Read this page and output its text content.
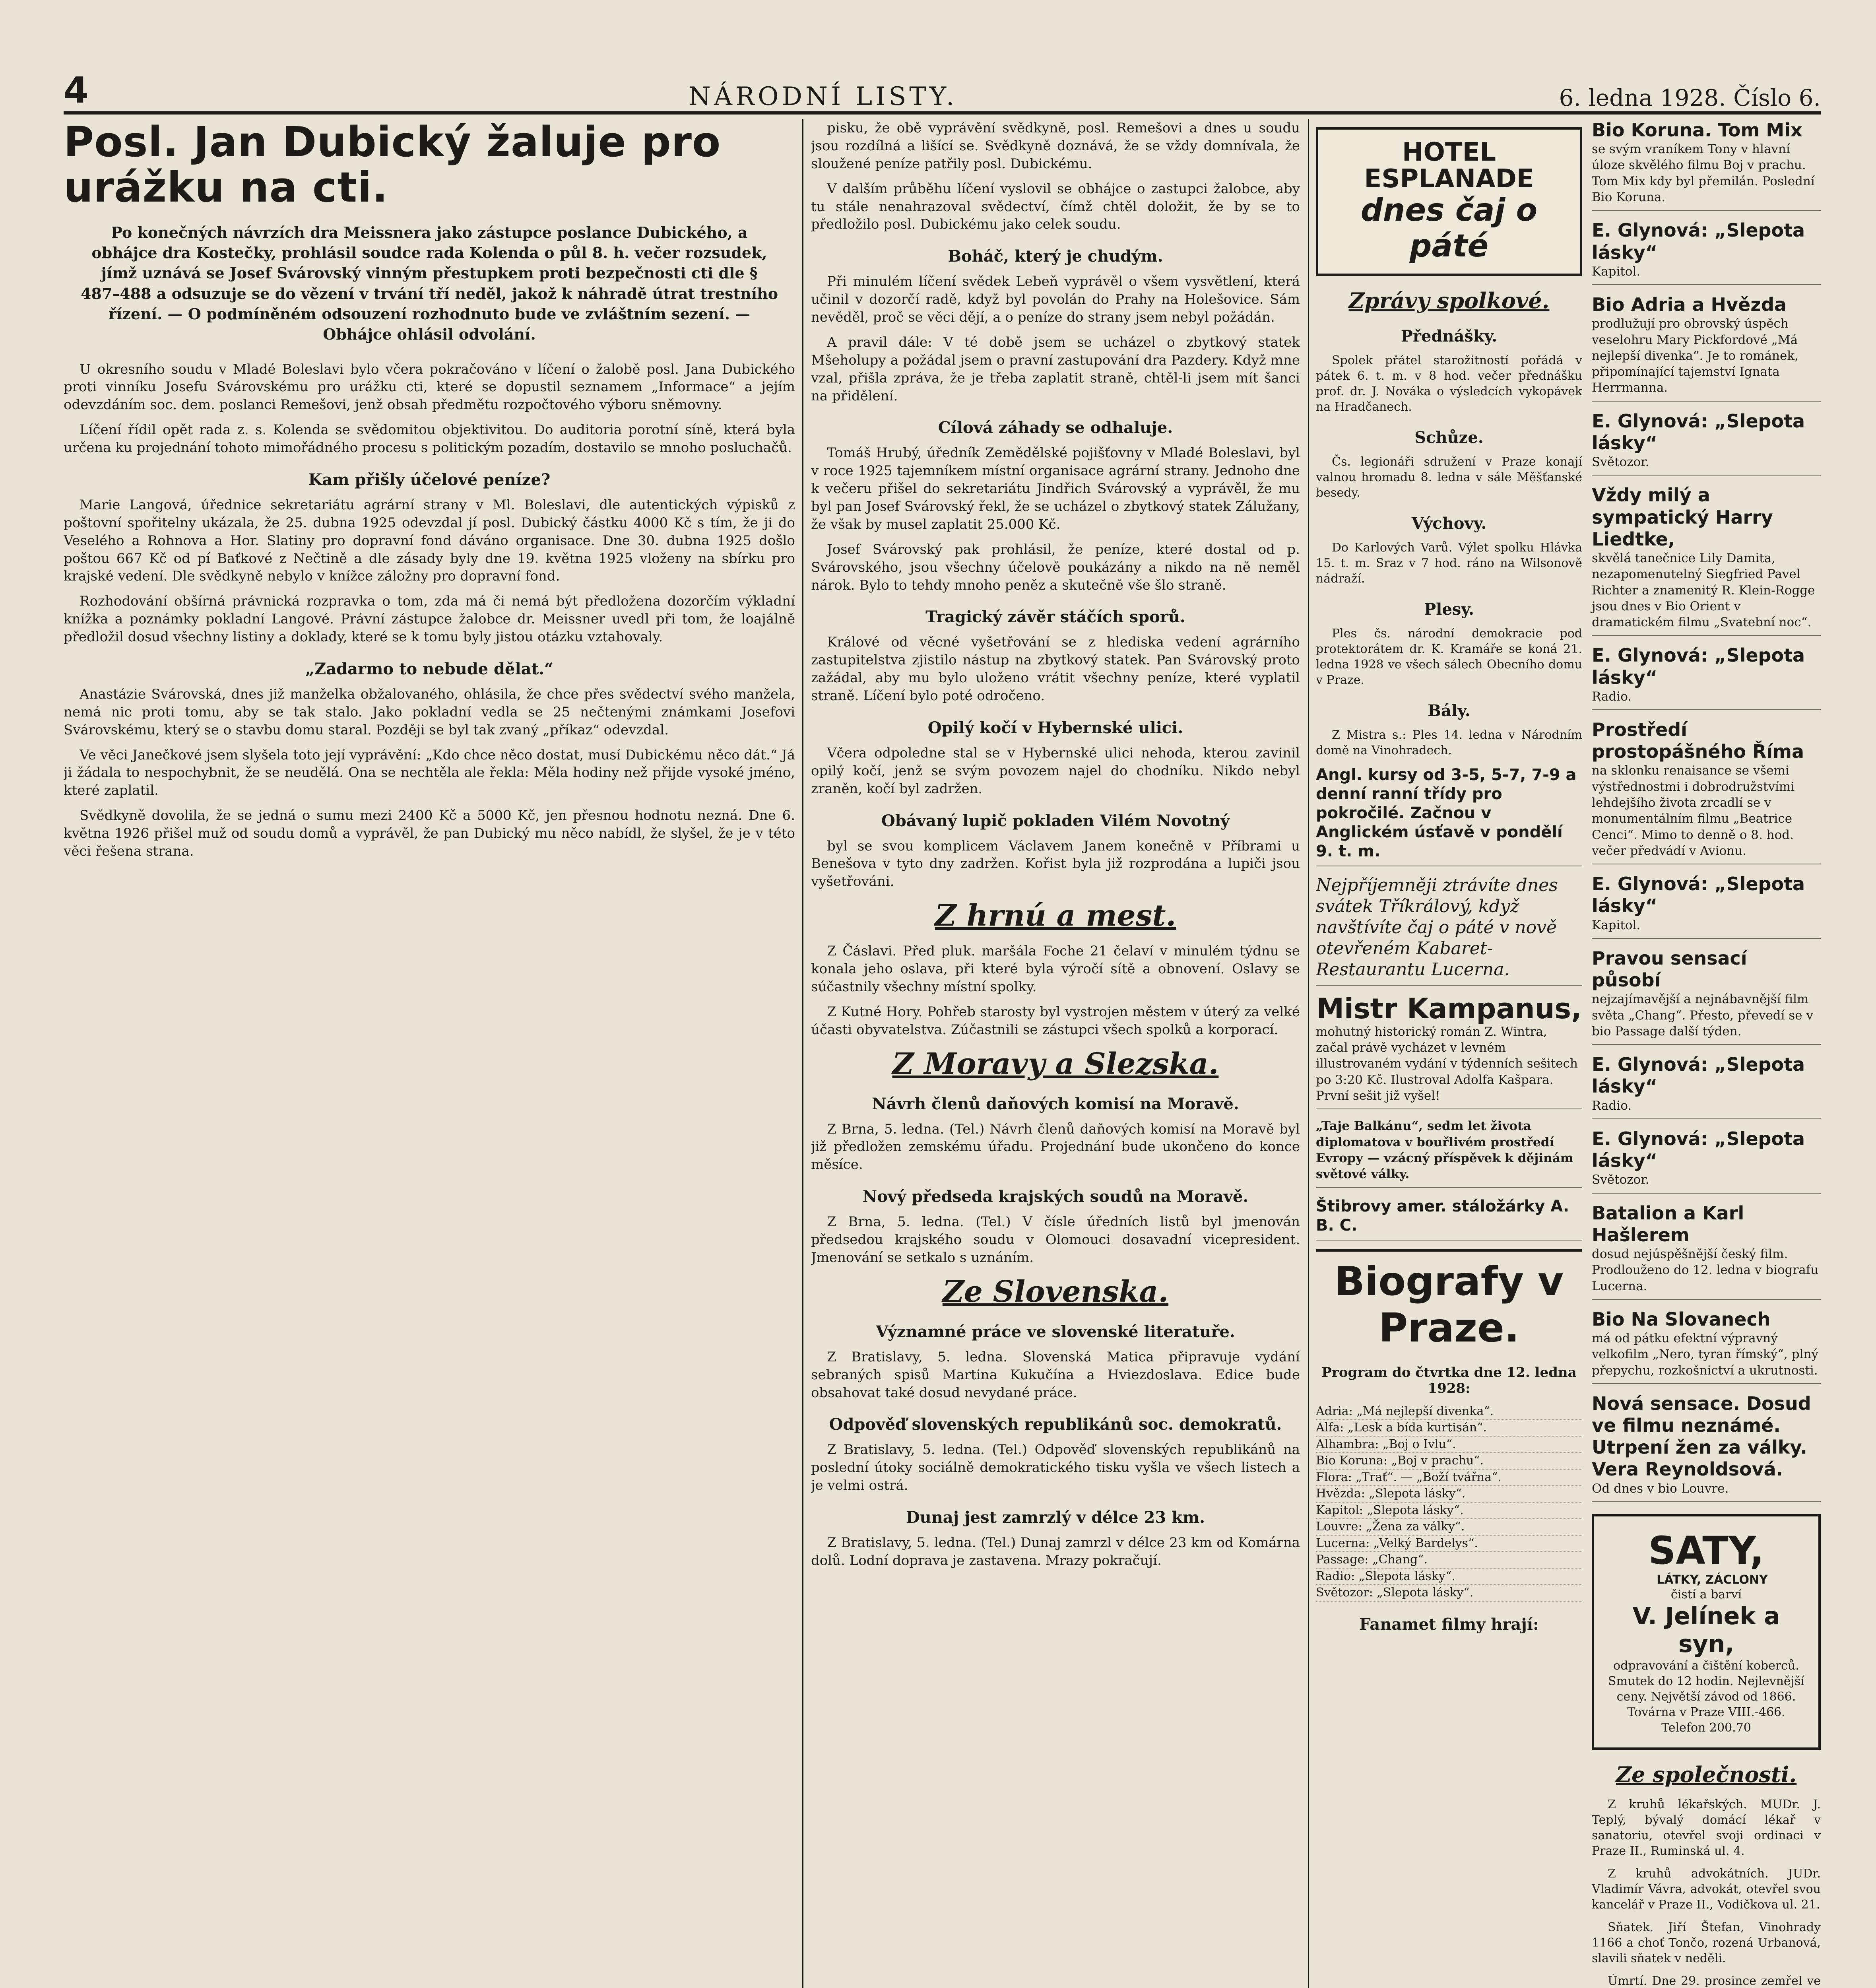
4	NÁRODNÍ LISTY.	6. ledna 1928. Číslo 6.
Posl. Jan Dubický žaluje pro urážku na cti.

Po konečných návrzích dra Meissnera jako zástupce poslance Dubického, a obhájce dra Kostečky, prohlásil soudce rada Kolenda o půl 8. h. večer rozsudek, jímž uznává se Josef Svárovský vinným přestupkem proti bezpečnosti cti dle § 487–488 a odsuzuje se do vězení v trvání tří neděl, jakož k náhradě útrat trestního řízení. — O podmíněném odsouzení rozhodnuto bude ve zvláštním sezení. — Obhájce ohlásil odvolání.

U okresního soudu v Mladé Boleslavi bylo včera pokračováno v líčení o žalobě posl. Jana Dubického proti vinníku Josefu Svárovskému pro urážku cti, které se dopustil seznamem „Informace“ a jejím odevzdáním soc. dem. poslanci Remešovi, jenž obsah předmětu rozpočtového výboru sněmovny.

Líčení řídil opět rada z. s. Kolenda se svědomitou objektivitou. Do auditoria porotní síně, která byla určena ku projednání tohoto mimořádného procesu s politickým pozadím, dostavilo se mnoho posluchačů.

Kam přišly účelové peníze?

Marie Langová, úřednice sekretariátu agrární strany v Ml. Boleslavi, dle autentických výpisků z poštovní spořitelny ukázala, že 25. dubna 1925 odevzdal jí posl. Dubický částku 4000 Kč s tím, že ji do Veselého a Rohnova a Hor. Slatiny pro dopravní fond dáváno organisace. Dne 30. dubna 1925 došlo poštou 667 Kč od pí Baťkové z Nečtině a dle zásady byly dne 19. května 1925 vloženy na sbírku pro krajské vedení. Dle svědkyně nebylo v knížce záložny pro dopravní fond.

Rozhodování obšírná právnická rozpravka o tom, zda má či nemá být předložena dozorčím výkladní knížka a poznámky pokladní Langové. Právní zástupce žalobce dr. Meissner uvedl při tom, že loajálně předložil dosud všechny listiny a doklady, které se k tomu byly jistou otázku vztahovaly.

„Zadarmo to nebude dělat.“

Anastázie Svárovská, dnes již manželka obžalovaného, ohlásila, že chce přes svědectví svého manžela, nemá nic proti tomu, aby se tak stalo. Jako pokladní vedla se 25 nečtenými známkami Josefovi Svárovskému, který se o stavbu domu staral. Později se byl tak zvaný „příkaz“ odevzdal.

Ve věci Janečkové jsem slyšela toto její vyprávění: „Kdo chce něco dostat, musí Dubickému něco dát.“ Já ji žádala to nespochybnit, že se neudělá. Ona se nechtěla ale řekla: Měla hodiny než přijde vysoké jméno, které zaplatil.

Svědkyně dovolila, že se jedná o sumu mezi 2400 Kč a 5000 Kč, jen přesnou hodnotu nezná. Dne 6. května 1926 přišel muž od soudu domů a vyprávěl, že pan Dubický mu něco nabídl, že slyšel, že je v této věci řešena strana.

pisku, že obě vyprávění svědkyně, posl. Remešovi a dnes u soudu jsou rozdílná a lišící se. Svědkyně doznává, že se vždy domnívala, že sloužené peníze patřily posl. Dubickému.

V dalším průběhu líčení vyslovil se obhájce o zastupci žalobce, aby tu stále nenahrazoval svědectví, čímž chtěl doložit, že by se to předložilo posl. Dubickému jako celek soudu.

Boháč, který je chudým.

Při minulém líčení svědek Lebeň vyprávěl o všem vysvětlení, která učinil v dozorčí radě, když byl povolán do Prahy na Holešovice. Sám nevěděl, proč se věci dějí, a o peníze do strany jsem nebyl požádán.

A pravil dále: V té době jsem se ucházel o zbytkový statek Mšeholupy a požádal jsem o pravní zastupování dra Pazdery. Když mne vzal, přišla zpráva, že je třeba zaplatit straně, chtěl-li jsem mít šanci na přidělení.

Cílová záhady se odhaluje.

Tomáš Hrubý, úředník Zemědělské pojišťovny v Mladé Boleslavi, byl v roce 1925 tajemníkem místní organisace agrární strany. Jednoho dne k večeru přišel do sekretariátu Jindřich Svárovský a vyprávěl, že mu byl pan Josef Svárovský řekl, že se ucházel o zbytkový statek Zálužany, že však by musel zaplatit 25.000 Kč.

Josef Svárovský pak prohlásil, že peníze, které dostal od p. Svárovského, jsou všechny účelově poukázány a nikdo na ně neměl nárok. Bylo to tehdy mnoho peněz a skutečně vše šlo straně.

Tragický závěr stáčích sporů.

Králové od věcné vyšetřování se z hlediska vedení agrárního zastupitelstva zjistilo nástup na zbytkový statek. Pan Svárovský proto zažádal, aby mu bylo uloženo vrátit všechny peníze, které vyplatil straně. Líčení bylo poté odročeno.

Opilý kočí v Hybernské ulici.

Včera odpoledne stal se v Hybernské ulici nehoda, kterou zavinil opilý kočí, jenž se svým povozem najel do chodníku. Nikdo nebyl zraněn, kočí byl zadržen.

Obávaný lupič pokladen Vilém Novotný

byl se svou komplicem Václavem Janem konečně v Příbrami u Benešova v tyto dny zadržen. Kořist byla již rozprodána a lupiči jsou vyšetřováni.

Z hrnú a mest.

Z Čáslavi. Před pluk. maršála Foche 21 čelaví v minulém týdnu se konala jeho oslava, při které byla výročí sítě a obnovení. Oslavy se súčastnily všechny místní spolky.

Z Kutné Hory. Pohřeb starosty byl vystrojen městem v úterý za velké účasti obyvatelstva. Zúčastnili se zástupci všech spolků a korporací.

Z Moravy a Slezska.
Návrh členů daňových komisí na Moravě.

Z Brna, 5. ledna. (Tel.) Návrh členů daňových komisí na Moravě byl již předložen zemskému úřadu. Projednání bude ukončeno do konce měsíce.

Nový předseda krajských soudů na Moravě.

Z Brna, 5. ledna. (Tel.) V čísle úředních listů byl jmenován předsedou krajského soudu v Olomouci dosavadní vicepresident. Jmenování se setkalo s uznáním.

Ze Slovenska.
Významné práce ve slovenské literatuře.

Z Bratislavy, 5. ledna. Slovenská Matica připravuje vydání sebraných spisů Martina Kukučína a Hviezdoslava. Edice bude obsahovat také dosud nevydané práce.

Odpověď slovenských republikánů soc. demokratů.

Z Bratislavy, 5. ledna. (Tel.) Odpověď slovenských republikánů na poslední útoky sociálně demokratického tisku vyšla ve všech listech a je velmi ostrá.

Dunaj jest zamrzlý v délce 23 km.

Z Bratislavy, 5. ledna. (Tel.) Dunaj zamrzl v délce 23 km od Komárna dolů. Lodní doprava je zastavena. Mrazy pokračují.

HOTEL ESPLANADE
dnes čaj o páté
Zprávy spolkové.
Přednášky.

Spolek přátel starožitností pořádá v pátek 6. t. m. v 8 hod. večer přednášku prof. dr. J. Nováka o výsledcích vykopávek na Hradčanech.

Schůze.

Čs. legionáři sdružení v Praze konají valnou hromadu 8. ledna v sále Měšťanské besedy.

Výchovy.

Do Karlových Varů. Výlet spolku Hlávka 15. t. m. Sraz v 7 hod. ráno na Wilsonově nádraží.

Plesy.

Ples čs. národní demokracie pod protektorátem dr. K. Kramáře se koná 21. ledna 1928 ve všech sálech Obecního domu v Praze.

Bály.

Z Mistra s.: Ples 14. ledna v Národním domě na Vinohradech.

Angl. kursy od 3-5, 5-7, 7-9 a denní ranní třídy pro pokročilé. Začnou v Anglickém úsťavě v pondělí 9. t. m.
Nejpříjemněji ztrávíte dnes svátek Tříkrálový, když navštívíte čaj o páté v nově otevřeném Kabaret-Restaurantu Lucerna.
Mistr Kampanus,
mohutný historický román Z. Wintra, začal právě vycházet v levném illustrovaném vydání v týdenních sešitech po 3:20 Kč. Ilustroval Adolfa Kašpara. První sešit již vyšel!
„Taje Balkánu“, sedm let života diplomatova v bouřlivém prostředí Evropy — vzácný příspěvek k dějinám světové války.
Štibrovy amer. stáložárky A. B. C.
Biografy v Praze.
Program do čtvrtka dne 12. ledna 1928:
Adria: „Má nejlepší divenka“.
Alfa: „Lesk a bída kurtisán“.
Alhambra: „Boj o Ivlu“.
Bio Koruna: „Boj v prachu“.
Flora: „Trať“. — „Boží tvářna“.
Hvězda: „Slepota lásky“.
Kapitol: „Slepota lásky“.
Louvre: „Žena za války“.
Lucerna: „Velký Bardelys“.
Passage: „Chang“.
Radio: „Slepota lásky“.
Světozor: „Slepota lásky“.
Fanamet filmy hrají:
Bio Koruna. Tom Mix
se svým vraníkem Tony v hlavní úloze skvělého filmu Boj v prachu. Tom Mix kdy byl přemilán. Poslední Bio Koruna.
E. Glynová: „Slepota lásky“
Kapitol.
Bio Adria a Hvězda
prodlužují pro obrovský úspěch veselohru Mary Pickfordové „Má nejlepší divenka“. Je to románek, připomínající tajemství Ignata Herrmanna.
E. Glynová: „Slepota lásky“
Světozor.
Vždy milý a sympatický Harry Liedtke,
skvělá tanečnice Lily Damita, nezapomenutelný Siegfried Pavel Richter a znamenitý R. Klein-Rogge jsou dnes v Bio Orient v dramatickém filmu „Svatební noc“.
E. Glynová: „Slepota lásky“
Radio.
Prostředí prostopášného Říma
na sklonku renaisance se všemi výstřednostmi i dobrodružstvími lehdejšího života zrcadlí se v monumentálním filmu „Beatrice Cenci“. Mimo to denně o 8. hod. večer předvádí v Avionu.
E. Glynová: „Slepota lásky“
Kapitol.
Pravou sensací působí
nejzajímavější a nejnábavnější film světa „Chang“. Přesto, převedí se v bio Passage další týden.
E. Glynová: „Slepota lásky“
Radio.
E. Glynová: „Slepota lásky“
Světozor.
Batalion a Karl Hašlerem
dosud nejúspěšnější český film. Prodlouženo do 12. ledna v biografu Lucerna.
Bio Na Slovanech
má od pátku efektní výpravný velkofilm „Nero, tyran římský“, plný přepychu, rozkošnictví a ukrutnosti.
Nová sensace. Dosud ve filmu neznámé. Utrpení žen za války. Vera Reynoldsová.
Od dnes v bio Louvre.
SATY, LÁTKY, ZÁCLONY
čistí a barví
V. Jelínek a syn,
odpravování a čištění koberců. Smutek do 12 hodin. Nejlevnější ceny. Největší závod od 1866. Továrna v Praze VIII.-466. Telefon 200.70
Ze společnosti.

Z kruhů lékařských. MUDr. J. Teplý, bývalý domácí lékař v sanatoriu, otevřel svoji ordinaci v Praze II., Ruminská ul. 4.

Z kruhů advokátních. JUDr. Vladimír Vávra, advokát, otevřel svou kancelář v Praze II., Vodičkova ul. 21.

Sňatek. Jiří Štefan, Vinohrady 1166 a choť Tončo, rozená Urbanová, slavili sňatek v neděli.

Úmrtí. Dne 29. prosince zemřel ve
